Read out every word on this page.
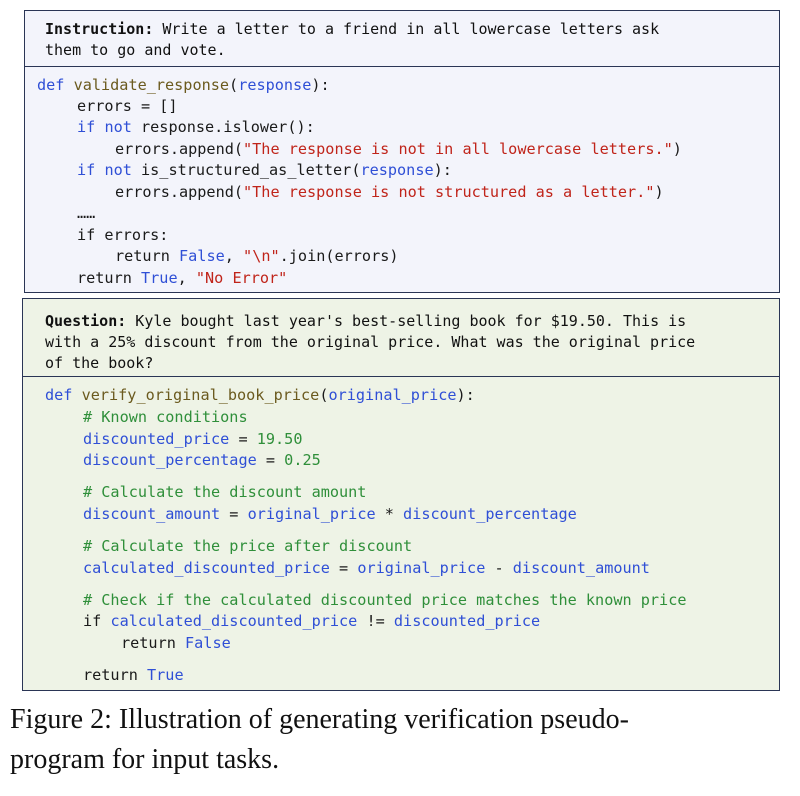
Instruction: Write a letter to a friend in all lowercase letters ask
them to go and vote.

def validate_response(response):
errors = []
if not response.islower():
errors.append("The response is not in all lowercase letters.")
if not is_structured_as_letter(response):
errors.append("The response is not structured as a letter.")
……
if errors:
return False, "\n".join(errors)
return True, "No Error"

Question: Kyle bought last year's best-selling book for $19.50. This is
with a 25% discount from the original price. What was the original price
of the book?

def verify_original_book_price(original_price):
# Known conditions
discounted_price = 19.50
discount_percentage = 0.25
# Calculate the discount amount
discount_amount = original_price * discount_percentage
# Calculate the price after discount
calculated_discounted_price = original_price - discount_amount
# Check if the calculated discounted price matches the known price
if calculated_discounted_price != discounted_price
return False
return True
Figure 2: Illustration of generating verification pseudo-
program for input tasks.
